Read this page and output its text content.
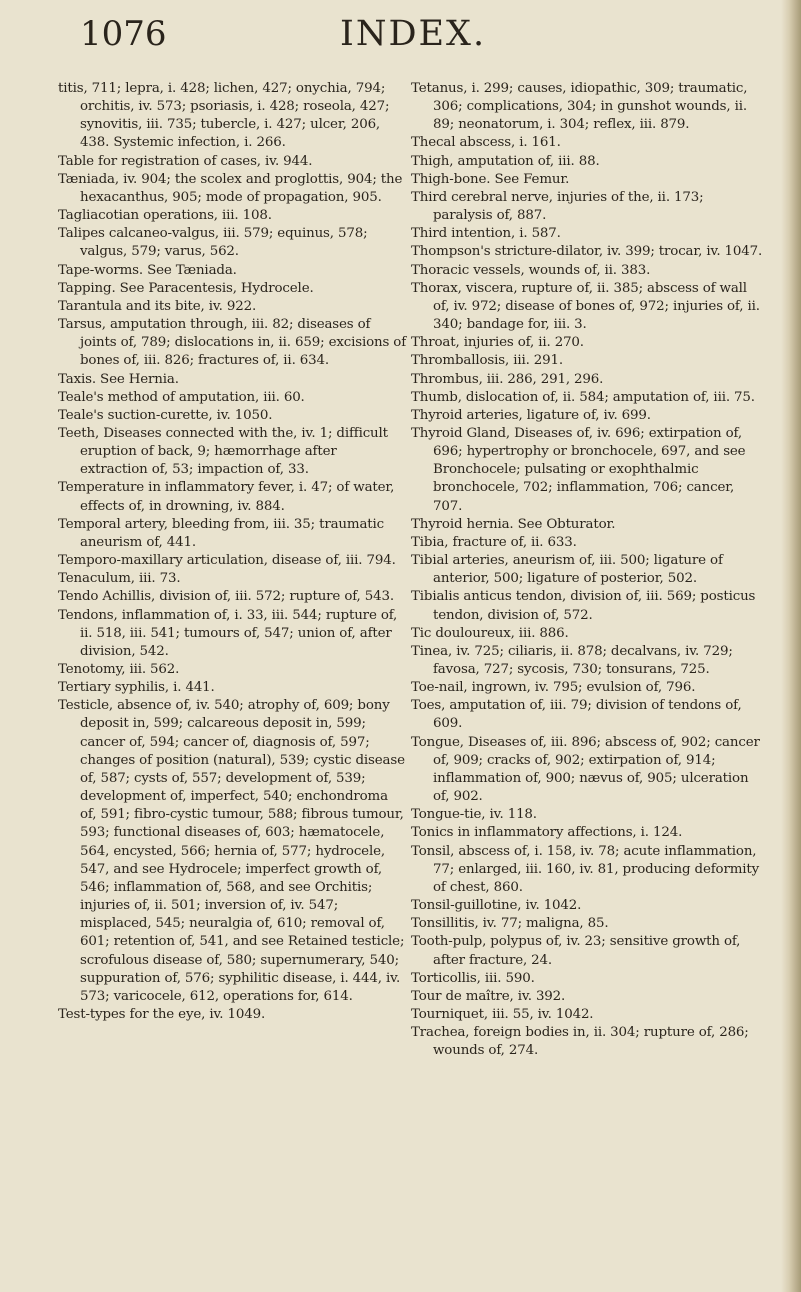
1076	INDEX.

titis, 711; lepra, i. 428; lichen, 427; onychia, 794; orchitis, iv. 573; psoriasis, i. 428; roseola, 427; synovitis, iii. 735; tubercle, i. 427; ulcer, 206, 438. Systemic infection, i. 266.

Table for registration of cases, iv. 944.

Tæniada, iv. 904; the scolex and proglottis, 904; the hexacanthus, 905; mode of propagation, 905.

Tagliacotian operations, iii. 108.

Talipes calcaneo-valgus, iii. 579; equinus, 578; valgus, 579; varus, 562.

Tape-worms. See Tæniada.

Tapping. See Paracentesis, Hydrocele.

Tarantula and its bite, iv. 922.

Tarsus, amputation through, iii. 82; diseases of joints of, 789; dislocations in, ii. 659; excisions of bones of, iii. 826; fractures of, ii. 634.

Taxis. See Hernia.

Teale's method of amputation, iii. 60.

Teale's suction-curette, iv. 1050.

Teeth, Diseases connected with the, iv. 1; difficult eruption of back, 9; hæmorrhage after extraction of, 53; impaction of, 33.

Temperature in inflammatory fever, i. 47; of water, effects of, in drowning, iv. 884.

Temporal artery, bleeding from, iii. 35; traumatic aneurism of, 441.

Temporo-maxillary articulation, disease of, iii. 794.

Tenaculum, iii. 73.

Tendo Achillis, division of, iii. 572; rupture of, 543.

Tendons, inflammation of, i. 33, iii. 544; rupture of, ii. 518, iii. 541; tumours of, 547; union of, after division, 542.

Tenotomy, iii. 562.

Tertiary syphilis, i. 441.

Testicle, absence of, iv. 540; atrophy of, 609; bony deposit in, 599; calcareous deposit in, 599; cancer of, 594; cancer of, diagnosis of, 597; changes of position (natural), 539; cystic disease of, 587; cysts of, 557; development of, 539; development of, imperfect, 540; enchondroma of, 591; fibro-cystic tumour, 588; fibrous tumour, 593; functional diseases of, 603; hæmatocele, 564, encysted, 566; hernia of, 577; hydrocele, 547, and see Hydrocele; imperfect growth of, 546; inflammation of, 568, and see Orchitis; injuries of, ii. 501; inversion of, iv. 547; misplaced, 545; neuralgia of, 610; removal of, 601; retention of, 541, and see Retained testicle; scrofulous disease of, 580; supernumerary, 540; suppuration of, 576; syphilitic disease, i. 444, iv. 573; varicocele, 612, operations for, 614.

Test-types for the eye, iv. 1049.

Tetanus, i. 299; causes, idiopathic, 309; traumatic, 306; complications, 304; in gunshot wounds, ii. 89; neonatorum, i. 304; reflex, iii. 879.

Thecal abscess, i. 161.

Thigh, amputation of, iii. 88.

Thigh-bone. See Femur.

Third cerebral nerve, injuries of the, ii. 173; paralysis of, 887.

Third intention, i. 587.

Thompson's stricture-dilator, iv. 399; trocar, iv. 1047.

Thoracic vessels, wounds of, ii. 383.

Thorax, viscera, rupture of, ii. 385; abscess of wall of, iv. 972; disease of bones of, 972; injuries of, ii. 340; bandage for, iii. 3.

Throat, injuries of, ii. 270.

Thromballosis, iii. 291.

Thrombus, iii. 286, 291, 296.

Thumb, dislocation of, ii. 584; amputation of, iii. 75.

Thyroid arteries, ligature of, iv. 699.

Thyroid Gland, Diseases of, iv. 696; extirpation of, 696; hypertrophy or bronchocele, 697, and see Bronchocele; pulsating or exophthalmic bronchocele, 702; inflammation, 706; cancer, 707.

Thyroid hernia. See Obturator.

Tibia, fracture of, ii. 633.

Tibial arteries, aneurism of, iii. 500; ligature of anterior, 500; ligature of posterior, 502.

Tibialis anticus tendon, division of, iii. 569; posticus tendon, division of, 572.

Tic douloureux, iii. 886.

Tinea, iv. 725; ciliaris, ii. 878; decalvans, iv. 729; favosa, 727; sycosis, 730; tonsurans, 725.

Toe-nail, ingrown, iv. 795; evulsion of, 796.

Toes, amputation of, iii. 79; division of tendons of, 609.

Tongue, Diseases of, iii. 896; abscess of, 902; cancer of, 909; cracks of, 902; extirpation of, 914; inflammation of, 900; nævus of, 905; ulceration of, 902.

Tongue-tie, iv. 118.

Tonics in inflammatory affections, i. 124.

Tonsil, abscess of, i. 158, iv. 78; acute inflammation, 77; enlarged, iii. 160, iv. 81, producing deformity of chest, 860.

Tonsil-guillotine, iv. 1042.

Tonsillitis, iv. 77; maligna, 85.

Tooth-pulp, polypus of, iv. 23; sensitive growth of, after fracture, 24.

Torticollis, iii. 590.

Tour de maître, iv. 392.

Tourniquet, iii. 55, iv. 1042.

Trachea, foreign bodies in, ii. 304; rupture of, 286; wounds of, 274.
